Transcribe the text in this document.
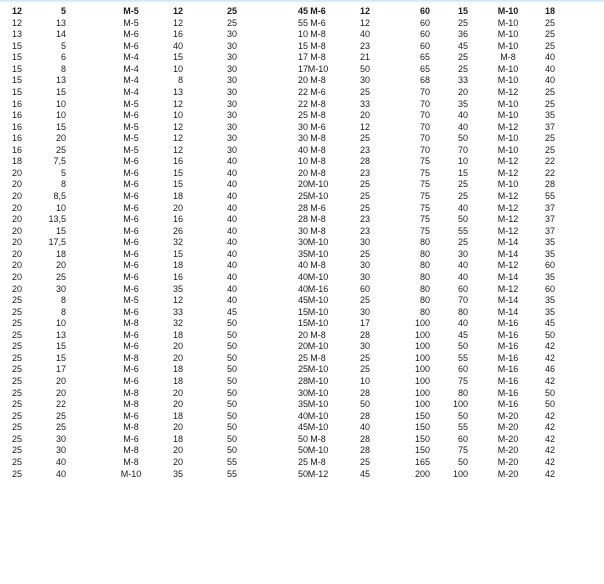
12	5	M-5	12	25	45 M-6	12	60	15	M-10	18
12	13	M-5	12	25	55 M-6	12	60	25	M-10	25
13	14	M-6	16	30	10 M-8	40	60	36	M-10	25
15	5	M-6	40	30	15 M-8	23	60	45	M-10	25
15	6	M-4	15	30	17 M-8	21	65	25	M-8	40
15	8	M-4	10	30	17 M-10	50	65	25	M-10	40
15	13	M-4	8	30	20 M-8	30	68	33	M-10	40
15	15	M-4	13	30	22 M-6	25	70	20	M-12	25
16	10	M-5	12	30	22 M-8	33	70	35	M-10	25
16	10	M-6	10	30	25 M-8	20	70	40	M-10	35
16	15	M-5	12	30	30 M-6	12	70	40	M-12	37
16	20	M-5	12	30	30 M-8	25	70	50	M-10	25
16	25	M-5	12	30	40 M-8	23	70	70	M-10	25
18	7,5	M-6	16	40	10 M-8	28	75	10	M-12	22
20	5	M-6	15	40	20 M-8	23	75	15	M-12	22
20	8	M-6	15	40	20 M-10	25	75	25	M-10	28
20	8,5	M-6	18	40	25 M-10	25	75	25	M-12	55
20	10	M-6	20	40	28 M-6	25	75	40	M-12	37
20	13,5	M-6	16	40	28 M-8	23	75	50	M-12	37
20	15	M-6	26	40	30 M-8	23	75	55	M-12	37
20	17,5	M-6	32	40	30 M-10	30	80	25	M-14	35
20	18	M-6	15	40	35 M-10	25	80	30	M-14	35
20	20	M-6	18	40	40 M-8	30	80	40	M-12	60
20	25	M-6	16	40	40 M-10	30	80	40	M-14	35
20	30	M-6	35	40	40 M-16	60	80	60	M-12	60
25	8	M-5	12	40	45 M-10	25	80	70	M-14	35
25	8	M-6	33	45	15 M-10	30	80	80	M-14	35
25	10	M-8	32	50	15 M-10	17	100	40	M-16	45
25	13	M-6	18	50	20 M-8	28	100	45	M-16	50
25	15	M-6	20	50	20 M-10	30	100	50	M-16	42
25	15	M-8	20	50	25 M-8	25	100	55	M-16	42
25	17	M-6	18	50	25 M-10	25	100	60	M-16	46
25	20	M-6	18	50	28 M-10	10	100	75	M-16	42
25	20	M-8	20	50	30 M-10	28	100	80	M-16	50
25	22	M-8	20	50	35 M-10	50	100	100	M-16	50
25	25	M-6	18	50	40 M-10	28	150	50	M-20	42
25	25	M-8	20	50	45 M-10	40	150	55	M-20	42
25	30	M-6	18	50	50 M-8	28	150	60	M-20	42
25	30	M-8	20	50	50 M-10	28	150	75	M-20	42
25	40	M-8	20	55	25 M-8	25	165	50	M-20	42
25	40	M-10	35	55	50 M-12	45	200	100	M-20	42
